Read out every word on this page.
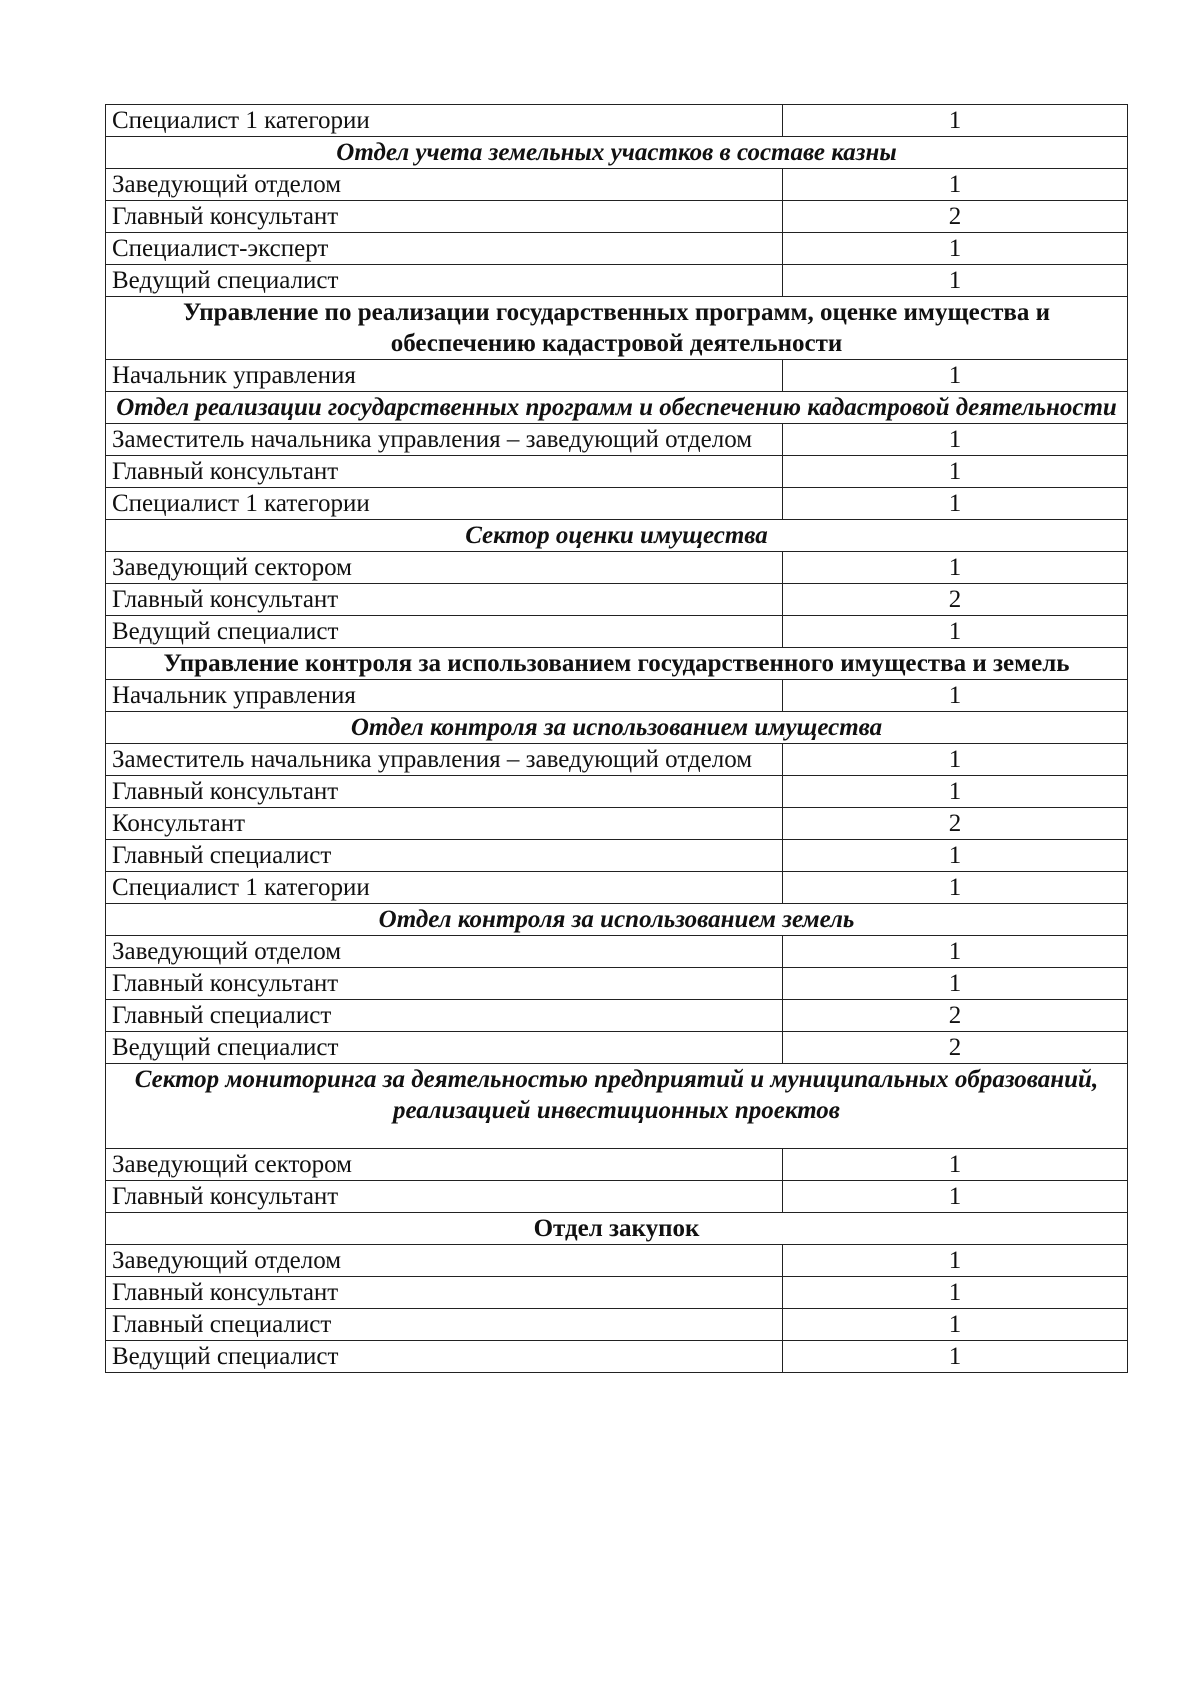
Специалист 1 категории	1
Отдел учета земельных участков в составе казны	
Заведующий отделом	1
Главный консультант	2
Специалист-эксперт	1
Ведущий специалист	1
Управление по реализации государственных программ, оценке имущества и обеспечению кадастровой деятельности	
Начальник управления	1
Отдел реализации государственных программ и обеспечению кадастровой деятельности	
Заместитель начальника управления – заведующий отделом	1
Главный консультант	1
Специалист 1 категории	1
Сектор оценки имущества	
Заведующий сектором	1
Главный консультант	2
Ведущий специалист	1
Управление контроля за использованием государственного имущества и земель	
Начальник управления	1
Отдел контроля за использованием имущества	
Заместитель начальника управления – заведующий отделом	1
Главный консультант	1
Консультант	2
Главный специалист	1
Специалист 1 категории	1
Отдел контроля за использованием земель	
Заведующий отделом	1
Главный консультант	1
Главный специалист	2
Ведущий специалист	2
Сектор мониторинга за деятельностью предприятий и муниципальных образований, реализацией инвестиционных проектов	
Заведующий сектором	1
Главный консультант	1
Отдел закупок	
Заведующий отделом	1
Главный консультант	1
Главный специалист	1
Ведущий специалист	1
